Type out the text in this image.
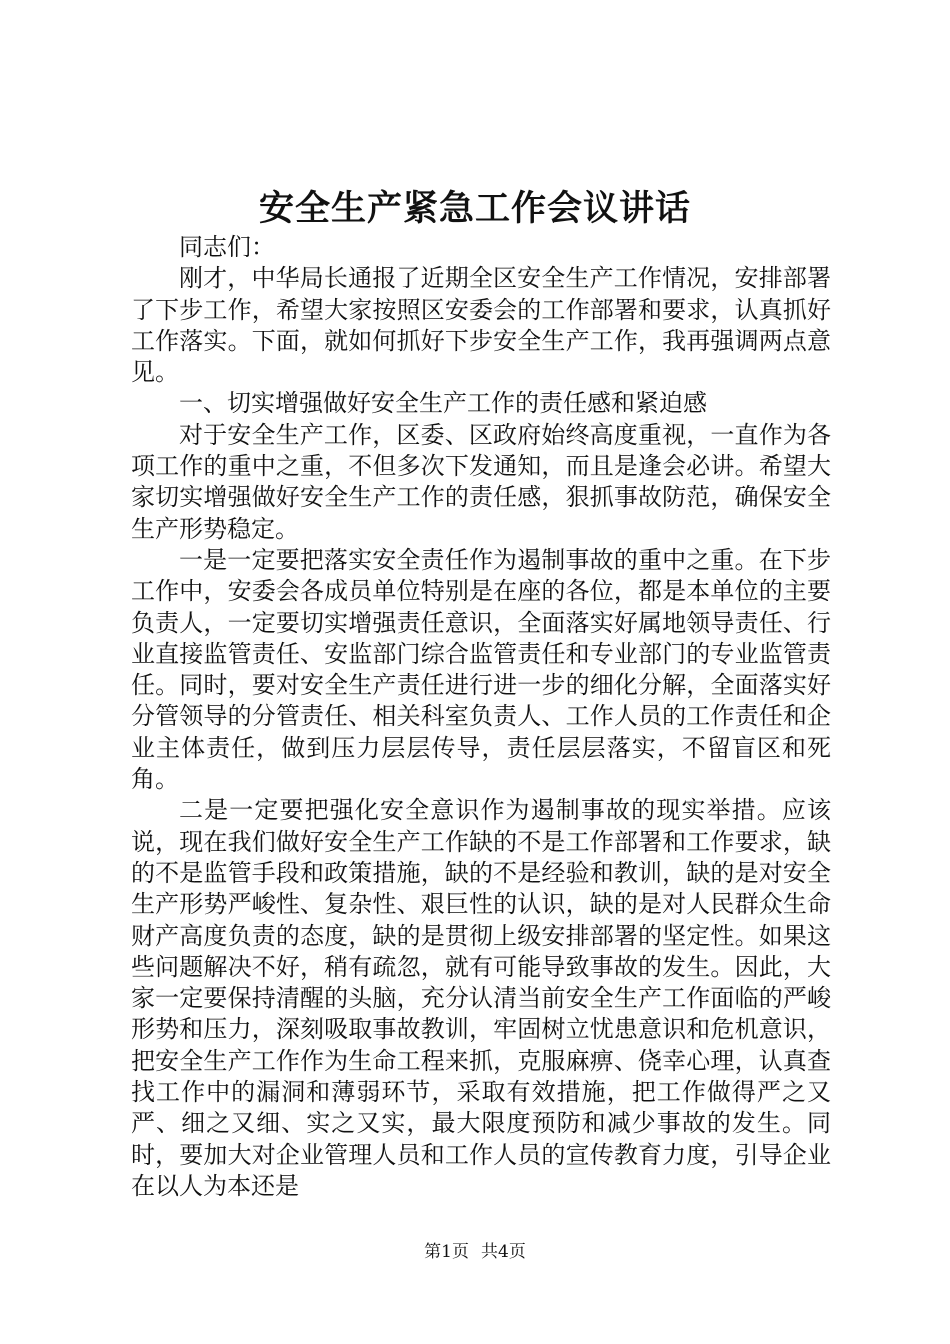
安全生产紧急工作会议讲话

同志们：

刚才，中华局长通报了近期全区安全生产工作情况，安排部署了下步工作，希望大家按照区安委会的工作部署和要求，认真抓好工作落实。下面，就如何抓好下步安全生产工作，我再强调两点意见。

一、切实增强做好安全生产工作的责任感和紧迫感

对于安全生产工作，区委、区政府始终高度重视，一直作为各项工作的重中之重，不但多次下发通知，而且是逢会必讲。希望大家切实增强做好安全生产工作的责任感，狠抓事故防范，确保安全生产形势稳定。

一是一定要把落实安全责任作为遏制事故的重中之重。在下步工作中，安委会各成员单位特别是在座的各位，都是本单位的主要负责人，一定要切实增强责任意识，全面落实好属地领导责任、行业直接监管责任、安监部门综合监管责任和专业部门的专业监管责任。同时，要对安全生产责任进行进一步的细化分解，全面落实好分管领导的分管责任、相关科室负责人、工作人员的工作责任和企业主体责任，做到压力层层传导，责任层层落实，不留盲区和死角。

二是一定要把强化安全意识作为遏制事故的现实举措。应该说，现在我们做好安全生产工作缺的不是工作部署和工作要求，缺的不是监管手段和政策措施，缺的不是经验和教训，缺的是对安全生产形势严峻性、复杂性、艰巨性的认识，缺的是对人民群众生命财产高度负责的态度，缺的是贯彻上级安排部署的坚定性。如果这些问题解决不好，稍有疏忽，就有可能导致事故的发生。因此，大家一定要保持清醒的头脑，充分认清当前安全生产工作面临的严峻形势和压力，深刻吸取事故教训，牢固树立忧患意识和危机意识，把安全生产工作作为生命工程来抓，克服麻痹、侥幸心理，认真查找工作中的漏洞和薄弱环节，采取有效措施，把工作做得严之又严、细之又细、实之又实，最大限度预防和减少事故的发生。同时，要加大对企业管理人员和工作人员的宣传教育力度，引导企业在以人为本还是

第1页 共4页
